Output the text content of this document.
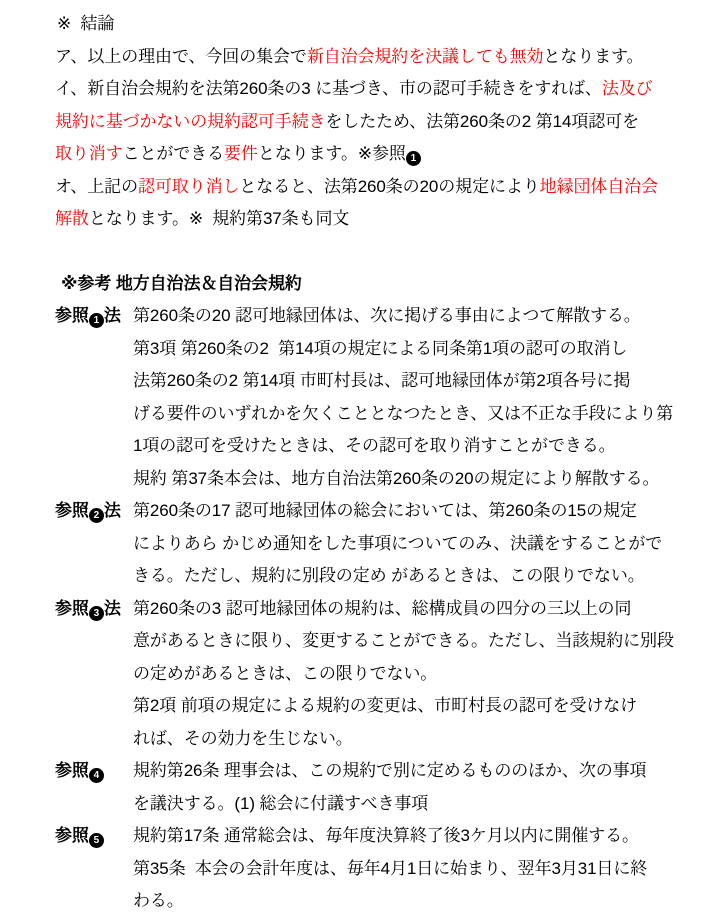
※  結論
ア、以上の理由で、今回の集会で新自治会規約を決議しても無効となります。
イ、新自治会規約を法第260条の3 に基づき、市の認可手続きをすれば、法及び
規約に基づかないの規約認可手続きをしたため、法第260条の2 第14項認可を
取り消すことができる要件となります。※参照 1
オ、上記の認可取り消しとなると、法第260条の20の規定により地縁団体自治会
解散となります。※  規約第37条も同文
※参考 地方自治法＆自治会規約
参照 1 法 第260条の20 認可地縁団体は、次に掲げる事由によつて解散する。
第3項 第260条の2  第14項の規定による同条第1項の認可の取消し
法第260条の2 第14項 市町村長は、認可地縁団体が第2項各号に掲
げる要件のいずれかを欠くこととなつたとき、又は不正な手段により第
1項の認可を受けたときは、その認可を取り消すことができる。
規約 第37条本会は、地方自治法第260条の20の規定により解散する。
参照 2 法 第260条の17 認可地縁団体の総会においては、第260条の15の規定
によりあら かじめ通知をした事項についてのみ、決議をすることがで
きる。ただし、規約に別段の定め があるときは、この限りでない。
参照 3 法 第260条の3 認可地縁団体の規約は、総構成員の四分の三以上の同
意があるときに限り、変更することができる。ただし、当該規約に別段
の定めがあるときは、この限りでない。
第2項 前項の規定による規約の変更は、市町村長の認可を受けなけ
れば、その効力を生じない。
参照 4	規約第26条 理事会は、この規約で別に定めるもののほか、次の事項
を議決する。(1) 総会に付議すべき事項
参照 5	規約第17条 通常総会は、毎年度決算終了後3ケ月以内に開催する。
第35条  本会の会計年度は、毎年4月1日に始まり、翌年3月31日に終
わる。
